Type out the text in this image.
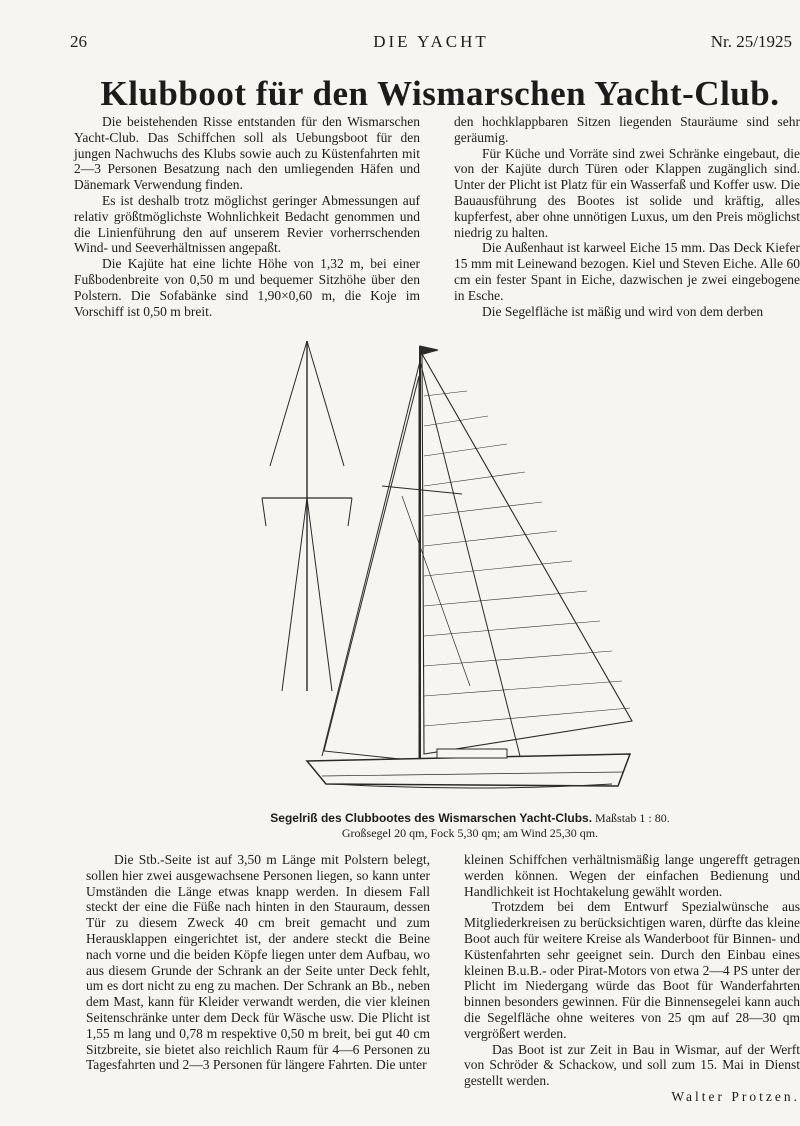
26	DIE YACHT	Nr. 25/1925
Klubboot für den Wismarschen Yacht-Club.

Die beistehenden Risse entstanden für den Wismarschen Yacht-Club. Das Schiffchen soll als Uebungsboot für den jungen Nachwuchs des Klubs sowie auch zu Küstenfahrten mit 2—3 Personen Besatzung nach den umliegenden Häfen und Dänemark Verwendung finden.

Es ist deshalb trotz möglichst geringer Abmessungen auf relativ größtmöglichste Wohnlichkeit Bedacht genommen und die Linienführung den auf unserem Revier vorherrschenden Wind- und Seeverhältnissen angepaßt.

Die Kajüte hat eine lichte Höhe von 1,32 m, bei einer Fußbodenbreite von 0,50 m und bequemer Sitzhöhe über den Polstern. Die Sofabänke sind 1,90×0,60 m, die Koje im Vorschiff ist 0,50 m breit.

den hochklappbaren Sitzen liegenden Stauräume sind sehr geräumig.

Für Küche und Vorräte sind zwei Schränke eingebaut, die von der Kajüte durch Türen oder Klappen zugänglich sind. Unter der Plicht ist Platz für ein Wasserfaß und Koffer usw. Die Bauausführung des Bootes ist solide und kräftig, alles kupferfest, aber ohne unnötigen Luxus, um den Preis möglichst niedrig zu halten.

Die Außenhaut ist karweel Eiche 15 mm. Das Deck Kiefer 15 mm mit Leinewand bezogen. Kiel und Steven Eiche. Alle 60 cm ein fester Spant in Eiche, dazwischen je zwei eingebogene in Esche.

Die Segelfläche ist mäßig und wird von dem derben

Segelriß des Clubbootes des Wismarschen Yacht-Clubs. Maßstab 1 : 80.
Großsegel 20 qm, Fock 5,30 qm; am Wind 25,30 qm.

Die Stb.-Seite ist auf 3,50 m Länge mit Polstern belegt, sollen hier zwei ausgewachsene Personen liegen, so kann unter Umständen die Länge etwas knapp werden. In diesem Fall steckt der eine die Füße nach hinten in den Stauraum, dessen Tür zu diesem Zweck 40 cm breit gemacht und zum Herausklappen eingerichtet ist, der andere steckt die Beine nach vorne und die beiden Köpfe liegen unter dem Aufbau, wo aus diesem Grunde der Schrank an der Seite unter Deck fehlt, um es dort nicht zu eng zu machen. Der Schrank an Bb., neben dem Mast, kann für Kleider verwandt werden, die vier kleinen Seitenschränke unter dem Deck für Wäsche usw. Die Plicht ist 1,55 m lang und 0,78 m respektive 0,50 m breit, bei gut 40 cm Sitzbreite, sie bietet also reichlich Raum für 4—6 Personen zu Tagesfahrten und 2—3 Personen für längere Fahrten. Die unter

kleinen Schiffchen verhältnismäßig lange ungerefft getragen werden können. Wegen der einfachen Bedienung und Handlichkeit ist Hochtakelung gewählt worden.

Trotzdem bei dem Entwurf Spezialwünsche aus Mitgliederkreisen zu berücksichtigen waren, dürfte das kleine Boot auch für weitere Kreise als Wanderboot für Binnen- und Küstenfahrten sehr geeignet sein. Durch den Einbau eines kleinen B.u.B.- oder Pirat-Motors von etwa 2—4 PS unter der Plicht im Niedergang würde das Boot für Wanderfahrten binnen besonders gewinnen. Für die Binnensegelei kann auch die Segelfläche ohne weiteres von 25 qm auf 28—30 qm vergrößert werden.

Das Boot ist zur Zeit in Bau in Wismar, auf der Werft von Schröder & Schackow, und soll zum 15. Mai in Dienst gestellt werden.

Walter Protzen.
